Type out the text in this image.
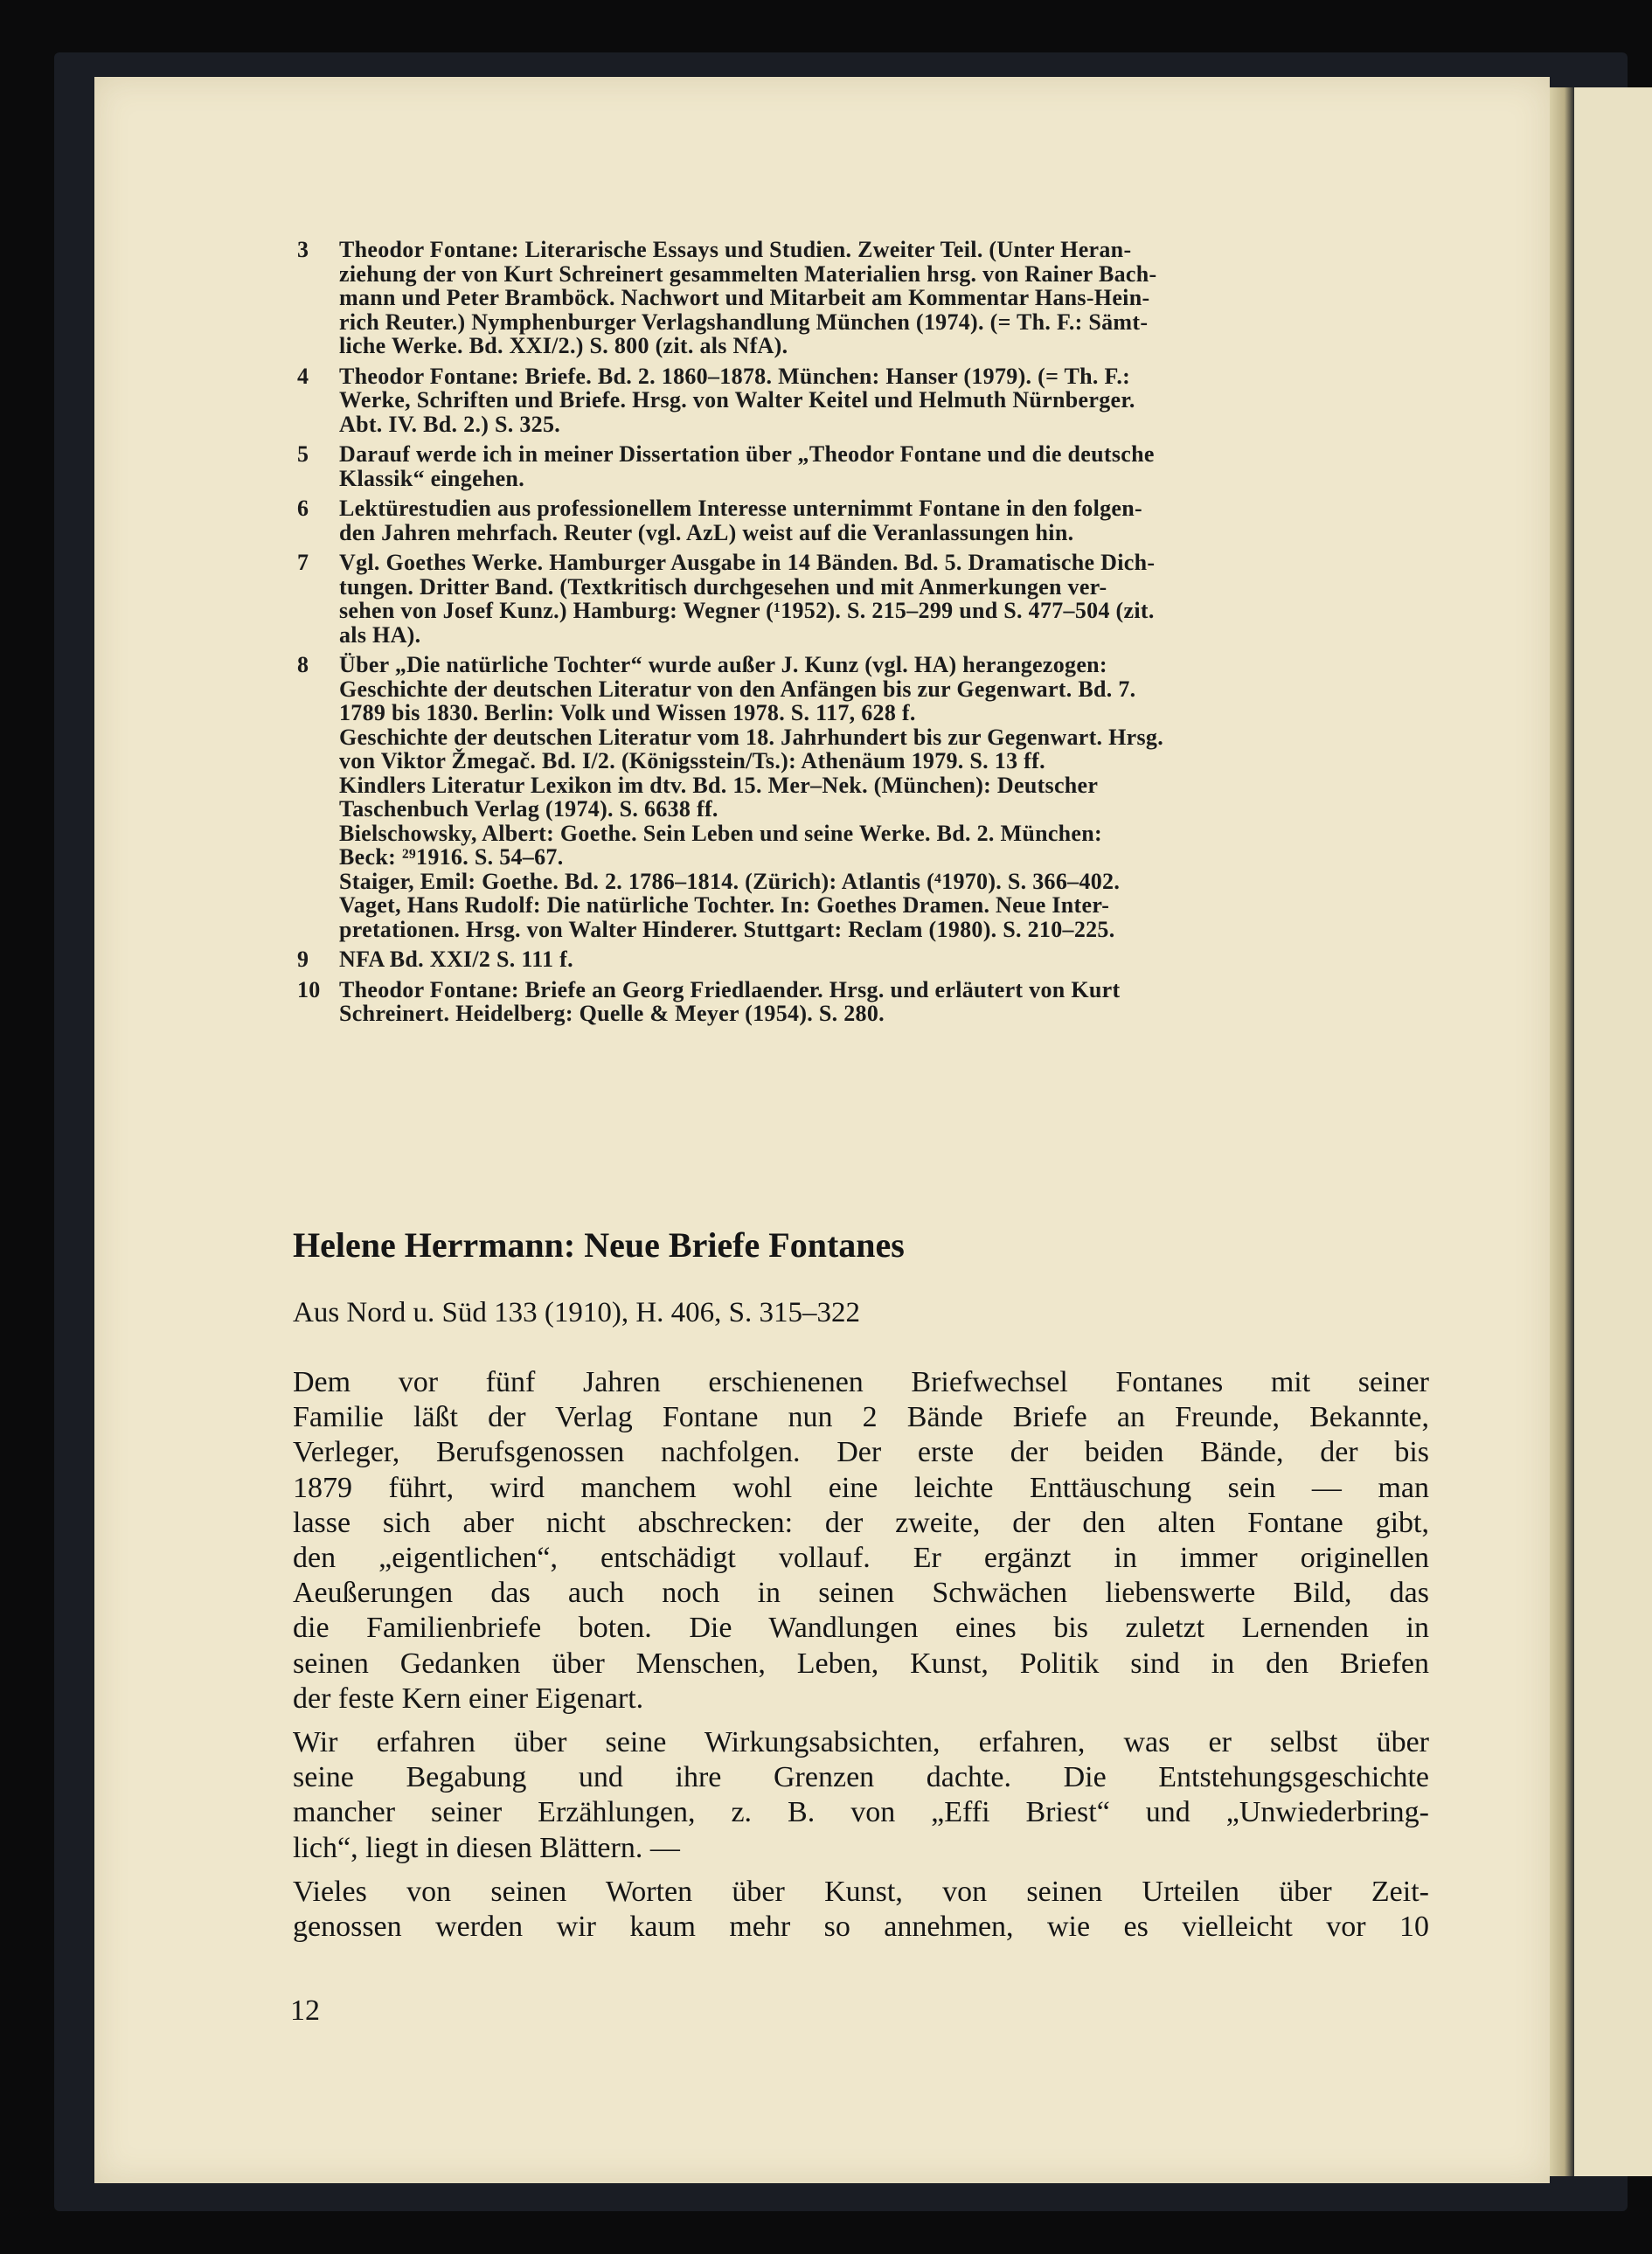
3	Theodor Fontane: Literarische Essays und Studien. Zweiter Teil. (Unter Heran-
ziehung der von Kurt Schreinert gesammelten Materialien hrsg. von Rainer Bach-
mann und Peter Bramböck. Nachwort und Mitarbeit am Kommentar Hans-Hein-
rich Reuter.) Nymphenburger Verlagshandlung München (1974). (= Th. F.: Sämt-
liche Werke. Bd. XXI/2.) S. 800 (zit. als NfA).
4	Theodor Fontane: Briefe. Bd. 2. 1860–1878. München: Hanser (1979). (= Th. F.:
Werke, Schriften und Briefe. Hrsg. von Walter Keitel und Helmuth Nürnberger.
Abt. IV. Bd. 2.) S. 325.
5	Darauf werde ich in meiner Dissertation über „Theodor Fontane und die deutsche
Klassik“ eingehen.
6	Lektürestudien aus professionellem Interesse unternimmt Fontane in den folgen-
den Jahren mehrfach. Reuter (vgl. AzL) weist auf die Veranlassungen hin.
7	Vgl. Goethes Werke. Hamburger Ausgabe in 14 Bänden. Bd. 5. Dramatische Dich-
tungen. Dritter Band. (Textkritisch durchgesehen und mit Anmerkungen ver-
sehen von Josef Kunz.) Hamburg: Wegner (¹1952). S. 215–299 und S. 477–504 (zit.
als HA).
8	Über „Die natürliche Tochter“ wurde außer J. Kunz (vgl. HA) herangezogen:
Geschichte der deutschen Literatur von den Anfängen bis zur Gegenwart. Bd. 7.
1789 bis 1830. Berlin: Volk und Wissen 1978. S. 117, 628 f.
Geschichte der deutschen Literatur vom 18. Jahrhundert bis zur Gegenwart. Hrsg.
von Viktor Žmegač. Bd. I/2. (Königsstein/Ts.): Athenäum 1979. S. 13 ff.
Kindlers Literatur Lexikon im dtv. Bd. 15. Mer–Nek. (München): Deutscher
Taschenbuch Verlag (1974). S. 6638 ff.
Bielschowsky, Albert: Goethe. Sein Leben und seine Werke. Bd. 2. München:
Beck: ²⁹1916. S. 54–67.
Staiger, Emil: Goethe. Bd. 2. 1786–1814. (Zürich): Atlantis (⁴1970). S. 366–402.
Vaget, Hans Rudolf: Die natürliche Tochter. In: Goethes Dramen. Neue Inter-
pretationen. Hrsg. von Walter Hinderer. Stuttgart: Reclam (1980). S. 210–225.
9	NFA Bd. XXI/2 S. 111 f.
10 Theodor Fontane: Briefe an Georg Friedlaender. Hrsg. und erläutert von Kurt
Schreinert. Heidelberg: Quelle & Meyer (1954). S. 280.
Helene Herrmann: Neue Briefe Fontanes
Aus Nord u. Süd 133 (1910), H. 406, S. 315–322
Dem vor fünf Jahren erschienenen Briefwechsel Fontanes mit seiner
Familie läßt der Verlag Fontane nun 2 Bände Briefe an Freunde, Bekannte,
Verleger, Berufsgenossen nachfolgen. Der erste der beiden Bände, der bis
1879 führt, wird manchem wohl eine leichte Enttäuschung sein — man
lasse sich aber nicht abschrecken: der zweite, der den alten Fontane gibt,
den „eigentlichen“, entschädigt vollauf. Er ergänzt in immer originellen
Aeußerungen das auch noch in seinen Schwächen liebenswerte Bild, das
die Familienbriefe boten. Die Wandlungen eines bis zuletzt Lernenden in
seinen Gedanken über Menschen, Leben, Kunst, Politik sind in den Briefen
der feste Kern einer Eigenart.
Wir erfahren über seine Wirkungsabsichten, erfahren, was er selbst über
seine Begabung und ihre Grenzen dachte. Die Entstehungsgeschichte
mancher seiner Erzählungen, z. B. von „Effi Briest“ und „Unwiederbring-
lich“, liegt in diesen Blättern. —
Vieles von seinen Worten über Kunst, von seinen Urteilen über Zeit-
genossen werden wir kaum mehr so annehmen, wie es vielleicht vor 10
12
